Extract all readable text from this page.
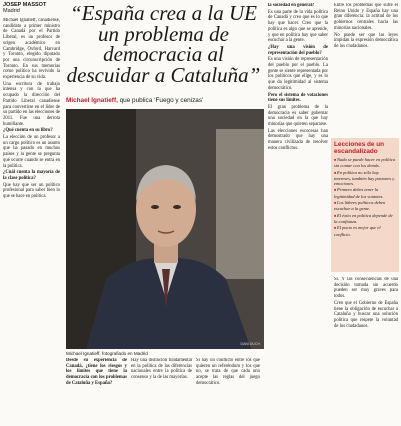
JOSEP MASSOT
Madrid

Michael Ignatieff, canadiense, candidato a primer ministro de Canadá por el Partido Liberal, es un profesor de origen académico en Cambridge, Oxford, Harvard y Toronto, elegido diputado por una circunscripción de Toronto. En sus memorias como político ha revivido la experiencia de su vida.

Una escritura de trabajo intensa y con la que ha ocupado la dirección del Partido Liberal canadiense para convertirse en el líder de su partido en las elecciones de 2011. Fue una derrota humillante.

¿Qué cuenta en su libro?

La elección de un profesor a un cargo político es un asunto que ha pasado en muchos países y la gente se pregunta qué ocurre cuando se entra en la política.

¿Cuál cuenta la mayoría de la clase política?

Que hay que ser un político profesional para saber bien lo que se hace en política.

“España crea a la UE un problema de democracia al descuidar a Cataluña”
Michael Ignatieff, que publica ‘Fuego y cenizas’
DANI DUCH
Michael Ignatieff, fotografiado en Madrid

Desde su experiencia de Canadá, ¿tiene los riesgos y los límites que tiene la democracia con los problemas de Cataluña y España?

Hay una distinción fundamental en la política de las diferencias nacionales entre la política de consenso y la de las mayorías.

Si hay un conflicto entre los que quieren un referéndum y los que no, se trata de que cada uno acepte las reglas del juego democrático.

la sociedad en general?

Es una parte de la vida política de Canadá y creo que es lo que hay que hacer. Creo que la política es algo que se aprende, y que en política hay que saber escuchar a la gente.

¿Hay una visión de representación del pueblo?

Es una visión de representación del pueblo por el pueblo. La gente se siente representada por los políticos que elige, y es lo que da legitimidad al sistema democrático.

Pero el sistema de votaciones tiene sus límites.

El gran problema de la democracia es saber gobernar una sociedad en la que hay minorías que quieren separarse.

Las elecciones escocesas han demostrado que hay una manera civilizada de resolver estos conflictos.

Entre los problemas que sufre el Reino Unido y España hay una gran diferencia: la actitud de los gobiernos centrales hacia las minorías nacionales.

No puede ser que las leyes impidan la expresión democrática de los ciudadanos.

Lecciones de un escandalizado
■ Nada se puede hacer en política sin contar con los demás.
■ En política no sólo hay intereses, también hay pasiones y emociones.
■ Primero debes tener la legitimidad de los votantes.
■ Los líderes políticos deben escuchar a la gente.
■ El éxito en política depende de la confianza.
■ El pacto es mejor que el conflicto.

Sí. Y las consecuencias de una decisión tomada sin acuerdo pueden ser muy graves para todos.

Creo que el Gobierno de España tiene la obligación de escuchar a Cataluña y buscar una solución política que respete la voluntad de los ciudadanos.
